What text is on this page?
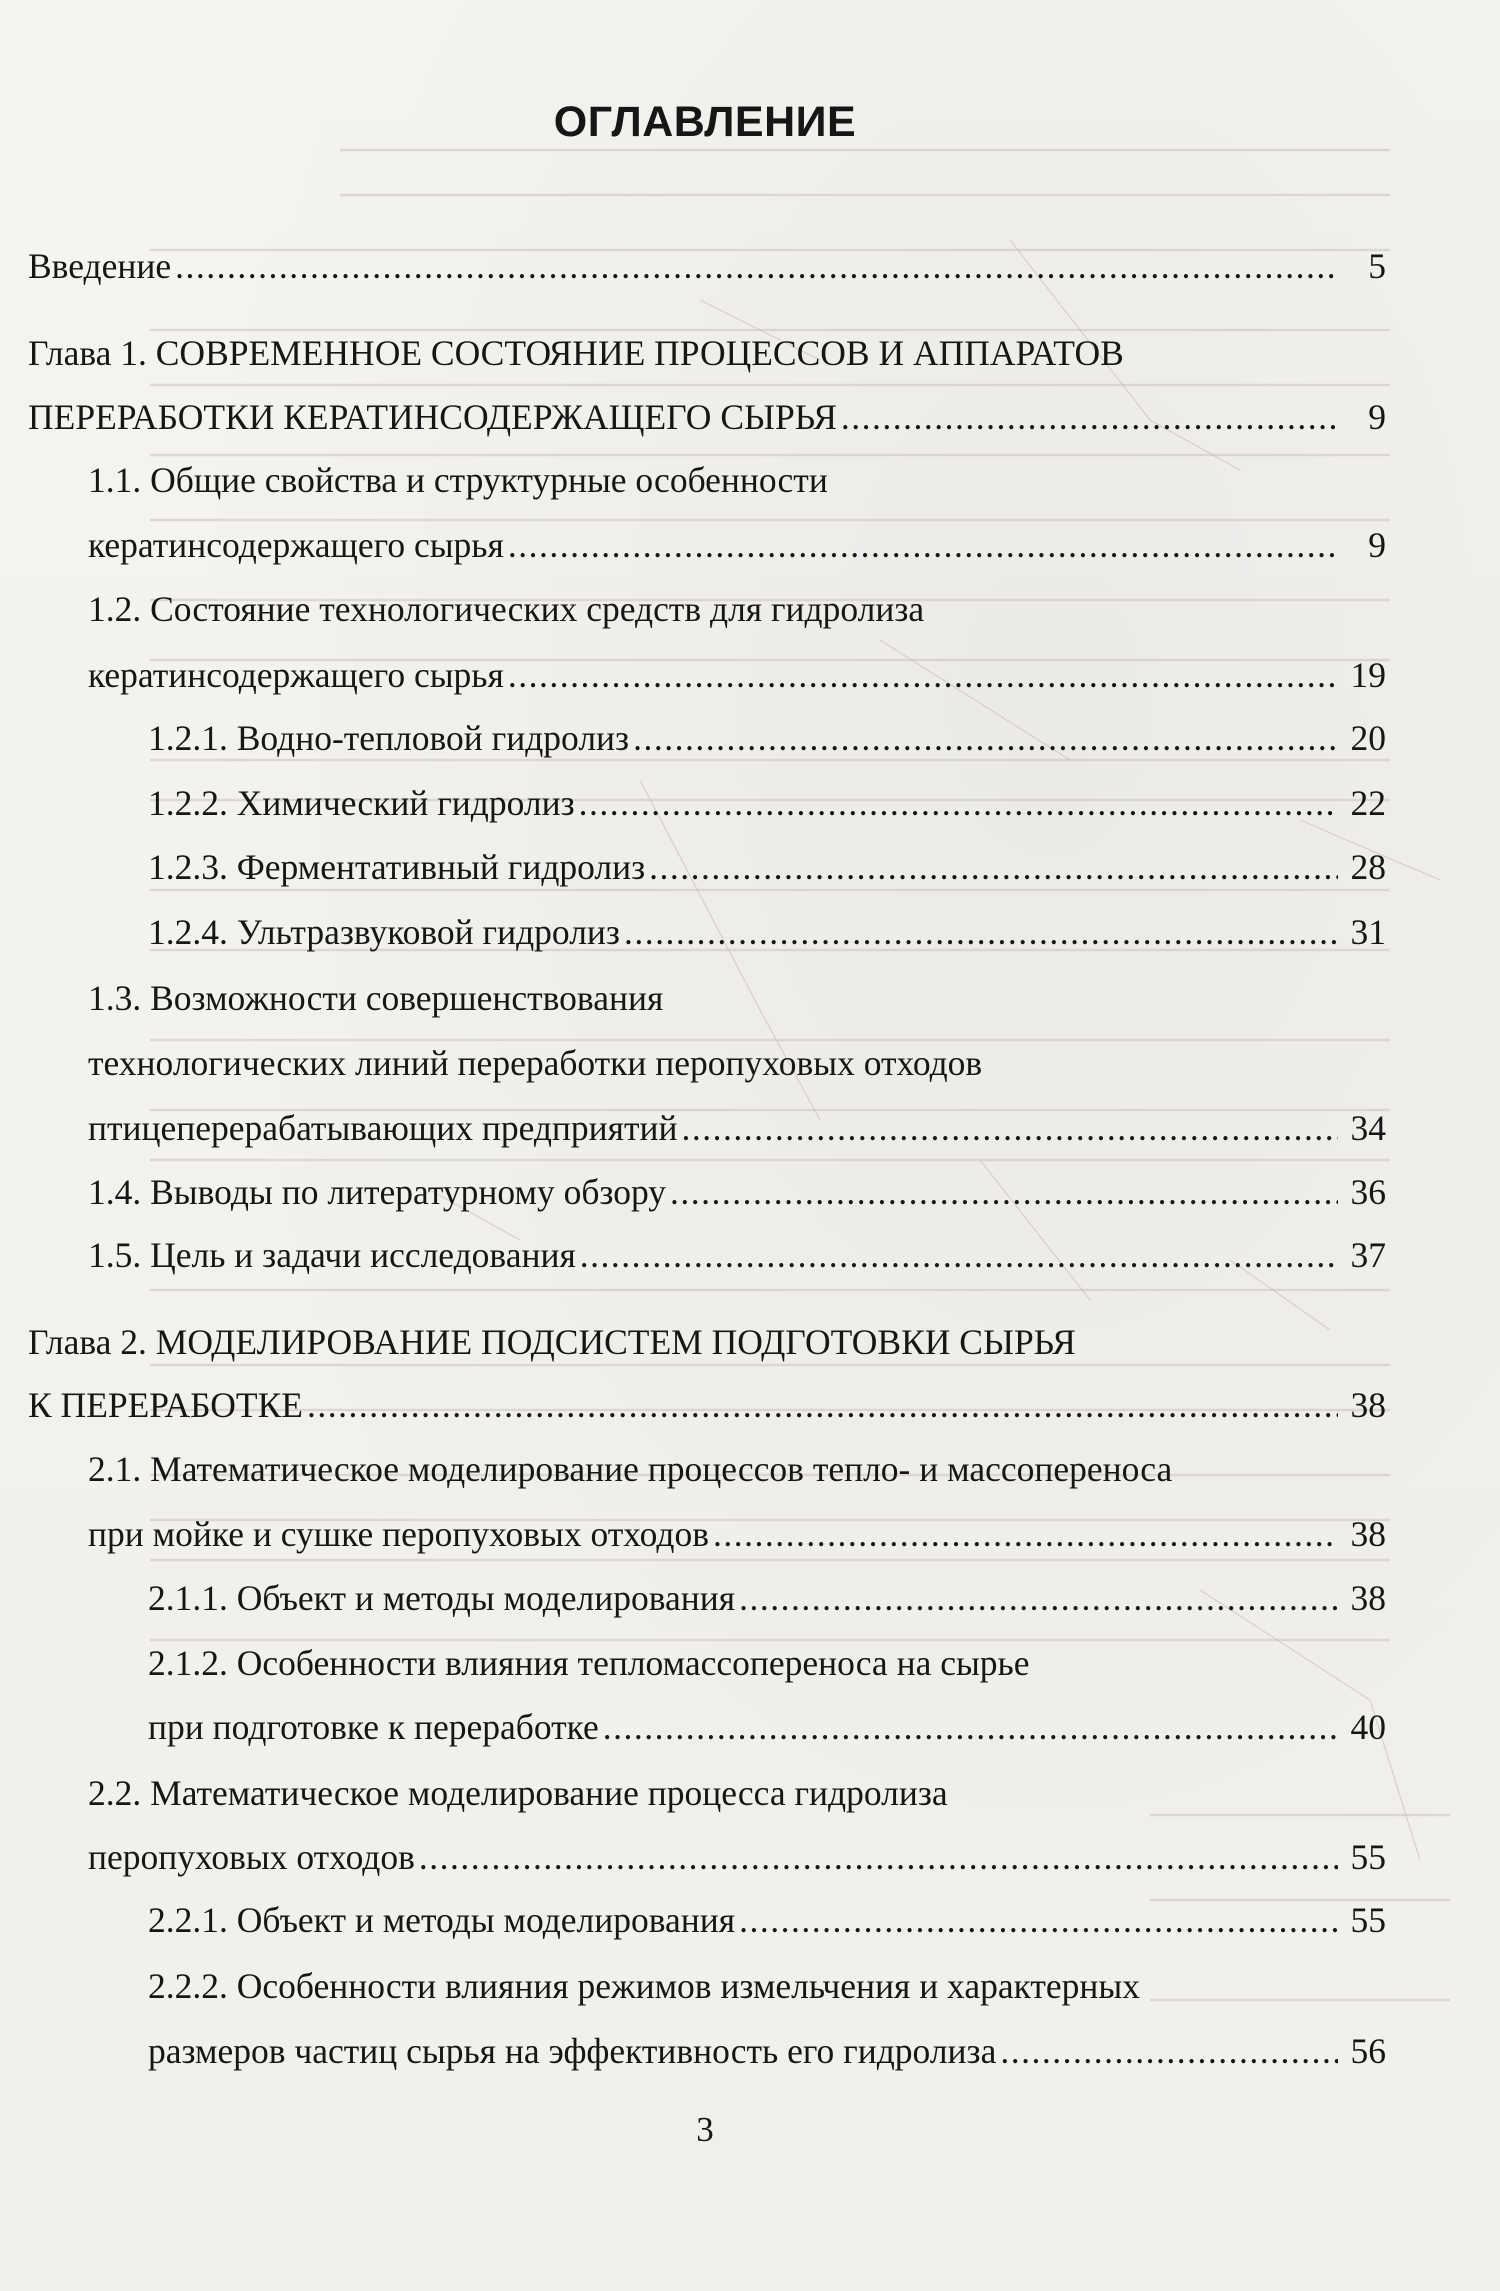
ОГЛАВЛЕНИЕ
Введение .....	5
Глава 1. СОВРЕМЕННОЕ СОСТОЯНИЕ ПРОЦЕССОВ И АППАРАТОВ
ПЕРЕРАБОТКИ КЕРАТИНСОДЕРЖАЩЕГО СЫРЬЯ .....	9
1.1. Общие свойства и структурные особенности
кератинсодержащего сырья .....	9
1.2. Состояние технологических средств для гидролиза
кератинсодержащего сырья .....	19
1.2.1. Водно-тепловой гидролиз .....	20
1.2.2. Химический гидролиз .....	22
1.2.3. Ферментативный гидролиз .....	28
1.2.4. Ультразвуковой гидролиз .....	31
1.3. Возможности совершенствования
технологических линий переработки перопуховых отходов
птицеперерабатывающих предприятий .....	34
1.4. Выводы по литературному обзору .....	36
1.5. Цель и задачи исследования .....	37
Глава 2. МОДЕЛИРОВАНИЕ ПОДСИСТЕМ ПОДГОТОВКИ СЫРЬЯ
К ПЕРЕРАБОТКЕ .....	38
2.1. Математическое моделирование процессов тепло- и массопереноса
при мойке и сушке перопуховых отходов .....	38
2.1.1. Объект и методы моделирования .....	38
2.1.2. Особенности влияния тепломассопереноса на сырье
при подготовке к переработке .....	40
2.2. Математическое моделирование процесса гидролиза
перопуховых отходов .....	55
2.2.1. Объект и методы моделирования .....	55
2.2.2. Особенности влияния режимов измельчения и характерных
размеров частиц сырья на эффективность его гидролиза .....	56
3
